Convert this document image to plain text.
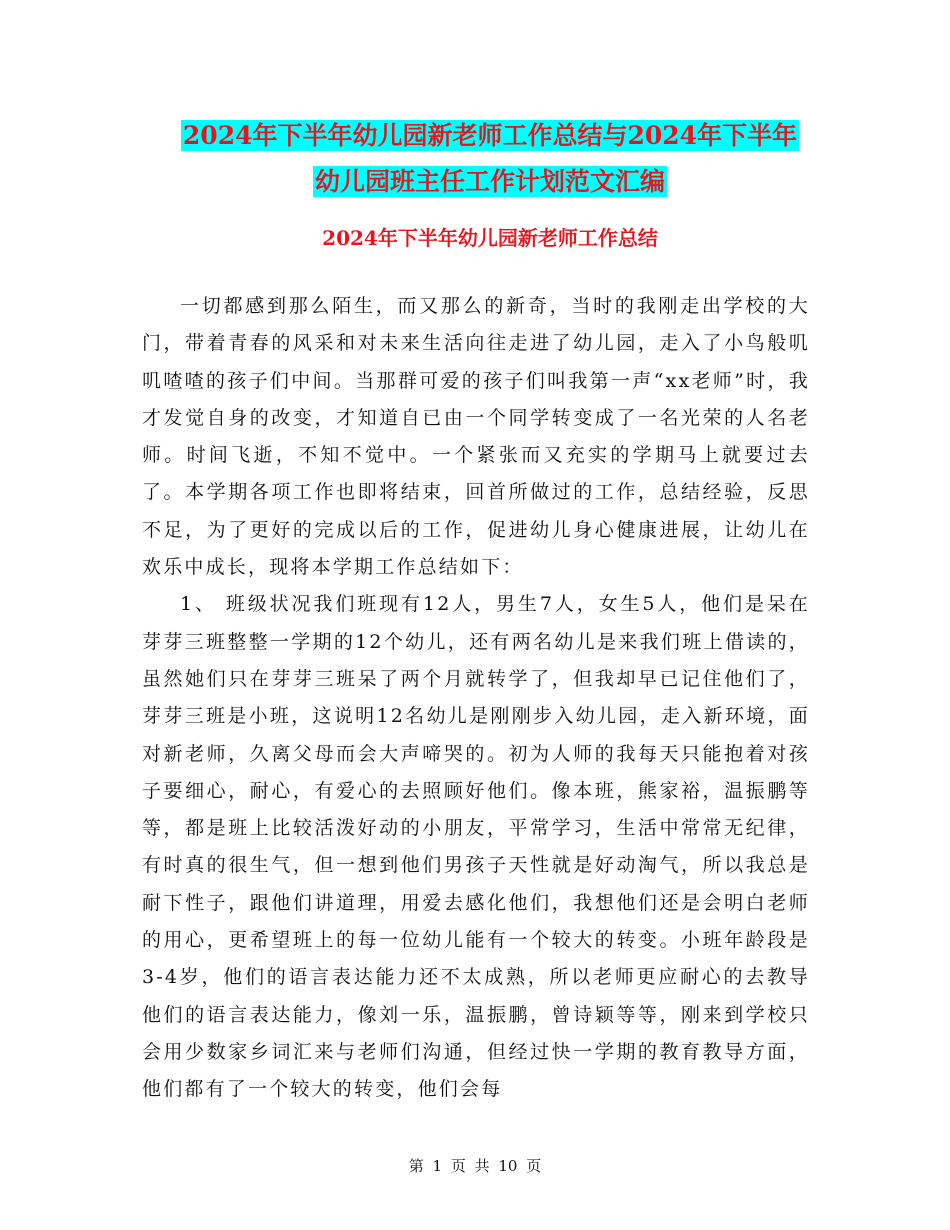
2024年下半年幼儿园新老师工作总结与2024年下半年
幼儿园班主任工作计划范文汇编
2024年下半年幼儿园新老师工作总结

一切都感到那么陌生，而又那么的新奇，当时的我刚走出学校的大门，带着青春的风采和对未来生活向往走进了幼儿园，走入了小鸟般叽叽喳喳的孩子们中间。当那群可爱的孩子们叫我第一声“xx老师”时，我才发觉自身的改变，才知道自已由一个同学转变成了一名光荣的人名老师。时间飞逝，不知不觉中。一个紧张而又充实的学期马上就要过去了。本学期各项工作也即将结束，回首所做过的工作，总结经验，反思不足，为了更好的完成以后的工作，促进幼儿身心健康进展，让幼儿在欢乐中成长，现将本学期工作总结如下：

1、 班级状况我们班现有12人，男生7人，女生5人，他们是呆在芽芽三班整整一学期的12个幼儿，还有两名幼儿是来我们班上借读的，虽然她们只在芽芽三班呆了两个月就转学了，但我却早已记住他们了，芽芽三班是小班，这说明12名幼儿是刚刚步入幼儿园，走入新环境，面对新老师，久离父母而会大声啼哭的。初为人师的我每天只能抱着对孩子要细心，耐心，有爱心的去照顾好他们。像本班，熊家裕，温振鹏等等，都是班上比较活泼好动的小朋友，平常学习，生活中常常无纪律，有时真的很生气，但一想到他们男孩子天性就是好动淘气，所以我总是耐下性子，跟他们讲道理，用爱去感化他们，我想他们还是会明白老师的用心，更希望班上的每一位幼儿能有一个较大的转变。小班年龄段是3-4岁，他们的语言表达能力还不太成熟，所以老师更应耐心的去教导他们的语言表达能力，像刘一乐，温振鹏，曾诗颖等等，刚来到学校只会用少数家乡词汇来与老师们沟通，但经过快一学期的教育教导方面，他们都有了一个较大的转变，他们会每

第 1 页 共 10 页
